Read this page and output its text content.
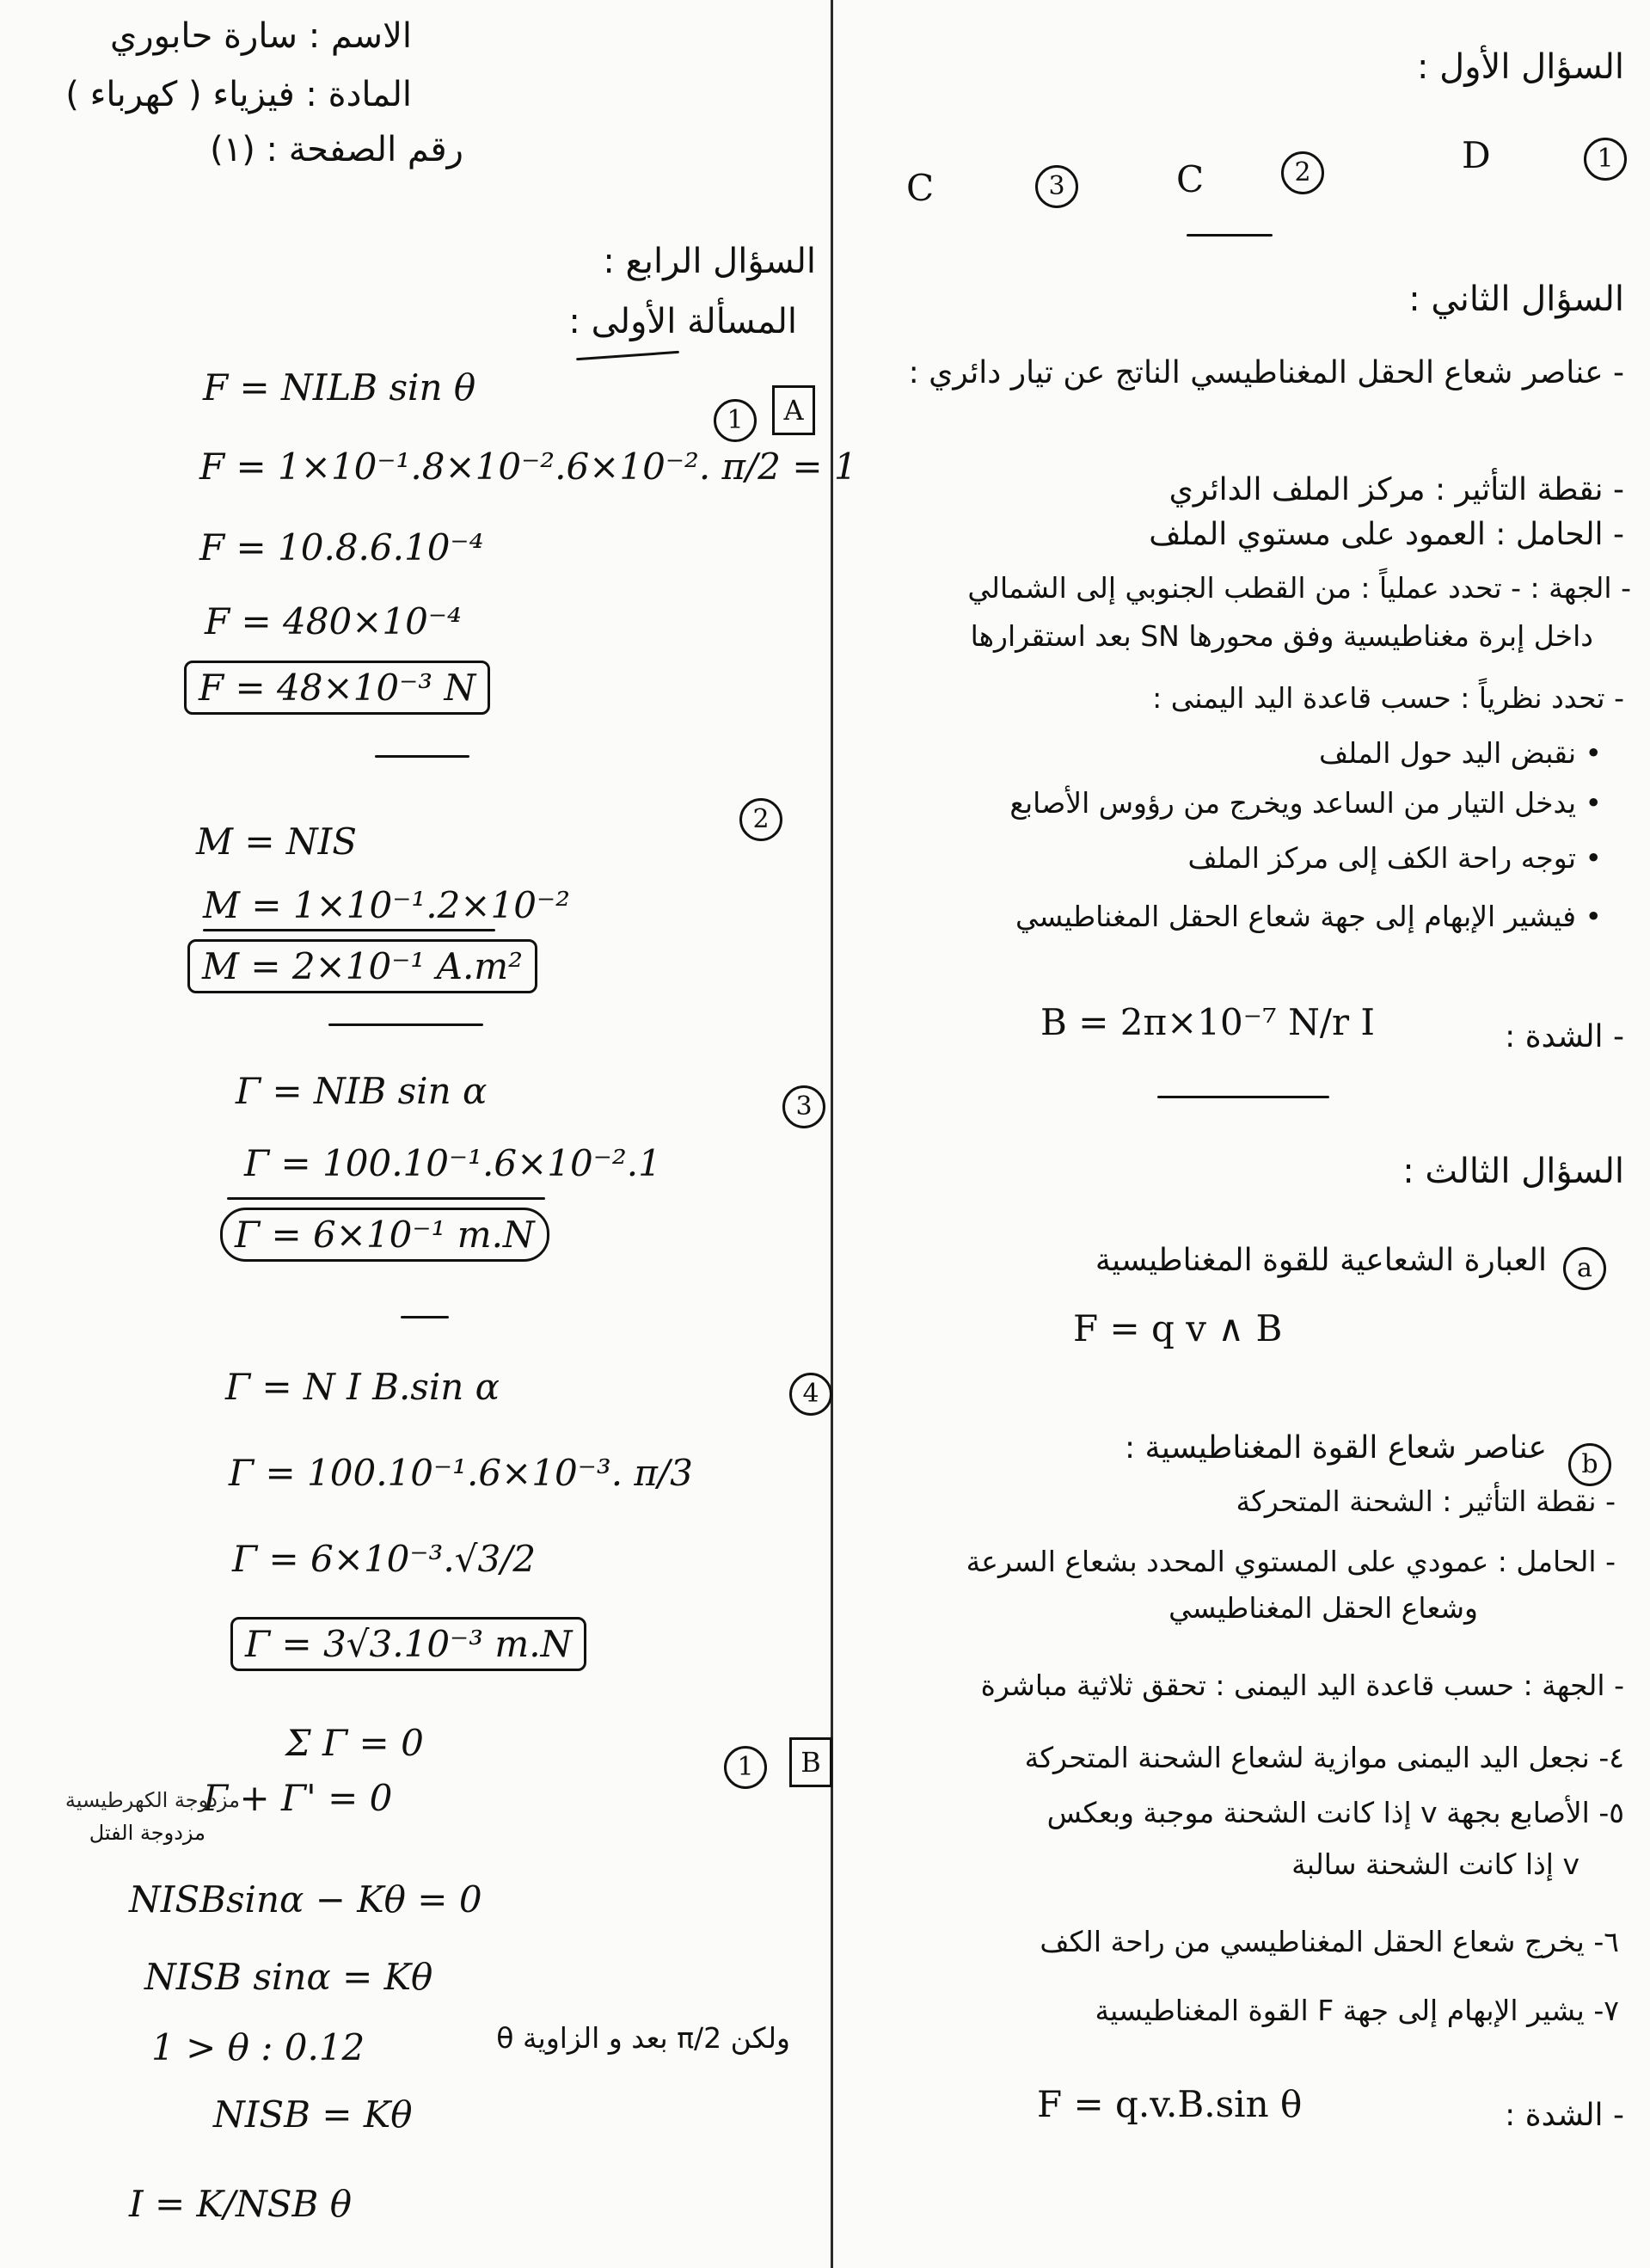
الاسم : سارة حابوري
المادة : فيزياء ( كهرباء )
رقم الصفحة : (١)
السؤال الرابع :
المسألة الأولى :
A
1
F = NILB sin θ
F = 1×10⁻¹.8×10⁻².6×10⁻². π/2 = 1
F = 10.8.6.10⁻⁴
F = 480×10⁻⁴
F = 48×10⁻³ N
2
M = NIS
M = 1×10⁻¹.2×10⁻²
M = 2×10⁻¹ A.m²
3
Γ = NIB sin α
Γ = 100.10⁻¹.6×10⁻².1
Γ = 6×10⁻¹ m.N
4
Γ = N I B.sin α
Γ = 100.10⁻¹.6×10⁻³. π/3
Γ = 6×10⁻³.√3/2
Γ = 3√3.10⁻³ m.N
B
1
Σ Γ = 0
Γ + Γ' = 0
مزدوجة الفتل
مزدوجة الكهرطيسية
NISBsinα − Kθ = 0
NISB sinα = Kθ
1 > θ : 0.12	ولكن π/2 بعد و الزاوية θ
NISB = Kθ
I = K/NSB θ
السؤال الأول :
1
D
2
C
3
C
السؤال الثاني :
- عناصر شعاع الحقل المغناطيسي الناتج عن تيار دائري :
- نقطة التأثير : مركز الملف الدائري
- الحامل : العمود على مستوي الملف
- الجهة : - تحدد عملياً : من القطب الجنوبي إلى الشمالي
داخل إبرة مغناطيسية وفق محورها SN بعد استقرارها
- تحدد نظرياً : حسب قاعدة اليد اليمنى :
• نقبض اليد حول الملف
• يدخل التيار من الساعد ويخرج من رؤوس الأصابع
• توجه راحة الكف إلى مركز الملف
• فيشير الإبهام إلى جهة شعاع الحقل المغناطيسي
- الشدة :
B = 2π×10⁻⁷ N/r I
السؤال الثالث :
a
العبارة الشعاعية للقوة المغناطيسية
F = q v ∧ B
b
عناصر شعاع القوة المغناطيسية :
- نقطة التأثير : الشحنة المتحركة
- الحامل : عمودي على المستوي المحدد بشعاع السرعة
وشعاع الحقل المغناطيسي
- الجهة : حسب قاعدة اليد اليمنى : تحقق ثلاثية مباشرة
٤- نجعل اليد اليمنى موازية لشعاع الشحنة المتحركة
٥- الأصابع بجهة v إذا كانت الشحنة موجبة وبعكس
v إذا كانت الشحنة سالبة
٦- يخرج شعاع الحقل المغناطيسي من راحة الكف
٧- يشير الإبهام إلى جهة F القوة المغناطيسية
- الشدة :
F = q.v.B.sin θ
